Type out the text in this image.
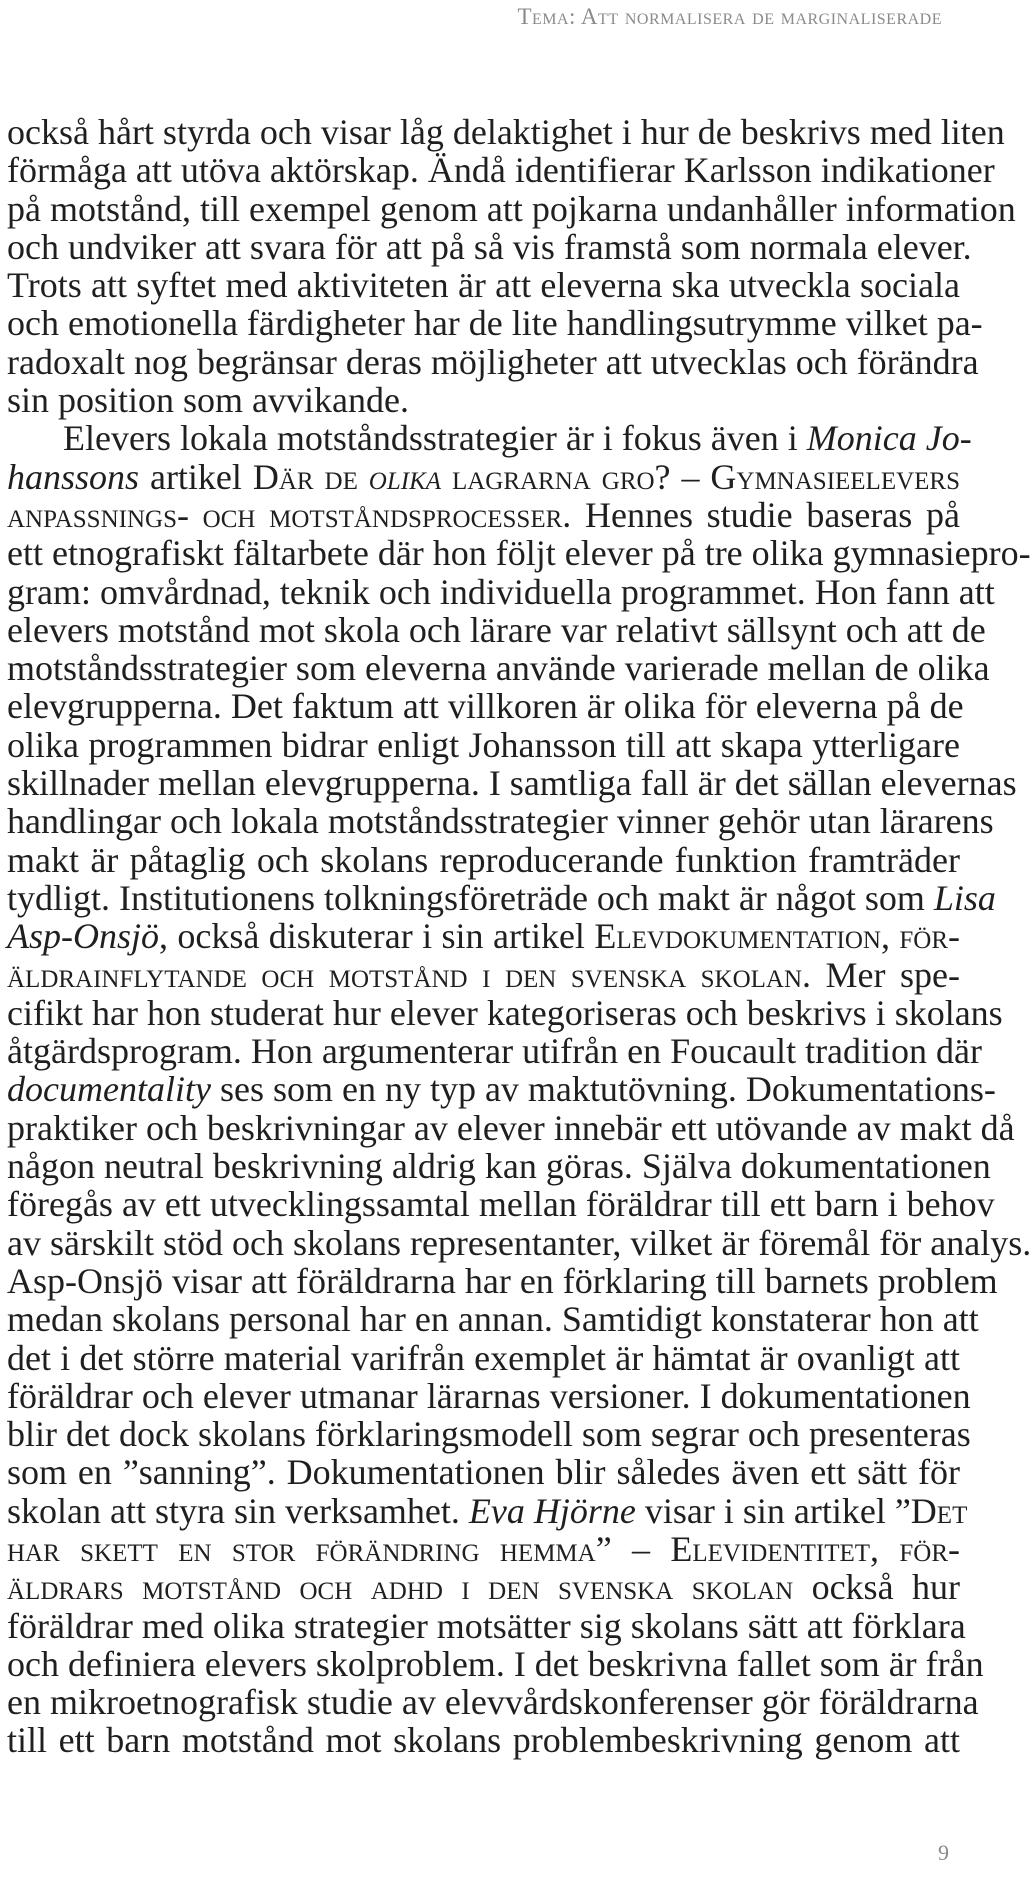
Tema: Att normalisera de marginaliserade
också hårt styrda och visar låg delaktighet i hur de beskrivs med liten
förmåga att utöva aktörskap. Ändå identifierar Karlsson indikationer
på motstånd, till exempel genom att pojkarna undanhåller information
och undviker att svara för att på så vis framstå som normala elever.
Trots att syftet med aktiviteten är att eleverna ska utveckla sociala
och emotionella färdigheter har de lite handlingsutrymme vilket pa-
radoxalt nog begränsar deras möjligheter att utvecklas och förändra
sin position som avvikande.
Elevers lokala motståndsstrategier är i fokus även i Monica Jo-
hanssons artikel Där de olika lagrarna gro? – Gymnasieelevers
anpassnings- och motståndsprocesser. Hennes studie baseras på
ett etnografiskt fältarbete där hon följt elever på tre olika gymnasiepro-
gram: omvårdnad, teknik och individuella programmet. Hon fann att
elevers motstånd mot skola och lärare var relativt sällsynt och att de
motståndsstrategier som eleverna använde varierade mellan de olika
elevgrupperna. Det faktum att villkoren är olika för eleverna på de
olika programmen bidrar enligt Johansson till att skapa ytterligare
skillnader mellan elevgrupperna. I samtliga fall är det sällan elevernas
handlingar och lokala motståndsstrategier vinner gehör utan lärarens
makt är påtaglig och skolans reproducerande funktion framträder
tydligt. Institutionens tolkningsföreträde och makt är något som Lisa
Asp-Onsjö, också diskuterar i sin artikel Elevdokumentation, för-
äldrainflytande och motstånd i den svenska skolan. Mer spe-
cifikt har hon studerat hur elever kategoriseras och beskrivs i skolans
åtgärdsprogram. Hon argumenterar utifrån en Foucault tradition där
documentality ses som en ny typ av maktutövning. Dokumentations-
praktiker och beskrivningar av elever innebär ett utövande av makt då
någon neutral beskrivning aldrig kan göras. Själva dokumentationen
föregås av ett utvecklingssamtal mellan föräldrar till ett barn i behov
av särskilt stöd och skolans representanter, vilket är föremål för analys.
Asp-Onsjö visar att föräldrarna har en förklaring till barnets problem
medan skolans personal har en annan. Samtidigt konstaterar hon att
det i det större material varifrån exemplet är hämtat är ovanligt att
föräldrar och elever utmanar lärarnas versioner. I dokumentationen
blir det dock skolans förklaringsmodell som segrar och presenteras
som en ”sanning”. Dokumentationen blir således även ett sätt för
skolan att styra sin verksamhet. Eva Hjörne visar i sin artikel ”Det
har skett en stor förändring hemma” – Elevidentitet, för-
äldrars motstånd och adhd i den svenska skolan också hur
föräldrar med olika strategier motsätter sig skolans sätt att förklara
och definiera elevers skolproblem. I det beskrivna fallet som är från
en mikroetnografisk studie av elevvårdskonferenser gör föräldrarna
till ett barn motstånd mot skolans problembeskrivning genom att
9
